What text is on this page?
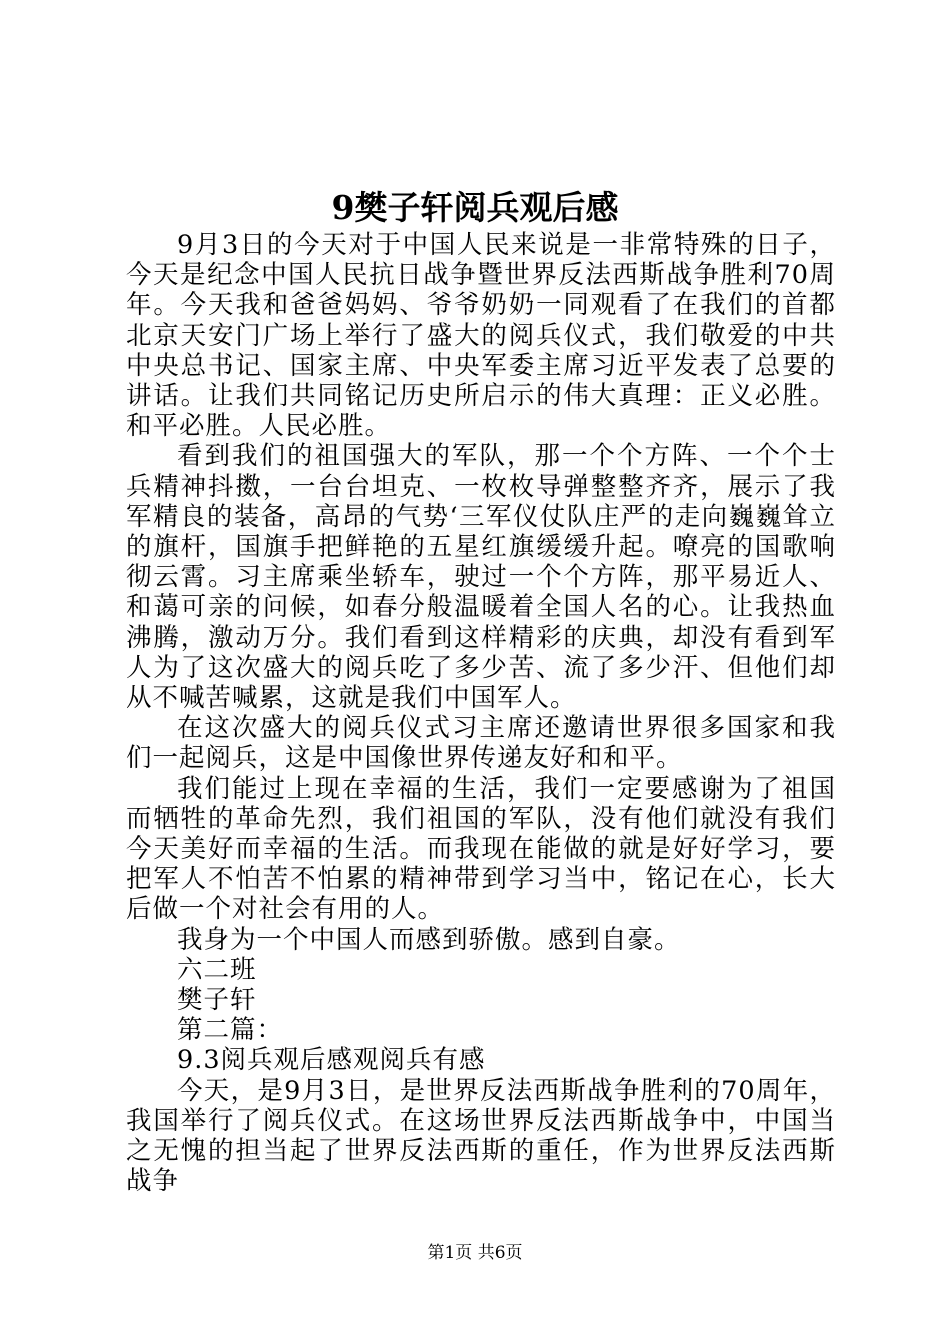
9樊子轩阅兵观后感

9月3日的今天对于中国人民来说是一非常特殊的日子，今天是纪念中国人民抗日战争暨世界反法西斯战争胜利70周年。今天我和爸爸妈妈、爷爷奶奶一同观看了在我们的首都北京天安门广场上举行了盛大的阅兵仪式，我们敬爱的中共中央总书记、国家主席、中央军委主席习近平发表了总要的讲话。让我们共同铭记历史所启示的伟大真理：正义必胜。和平必胜。人民必胜。

看到我们的祖国强大的军队，那一个个方阵、一个个士兵精神抖擞，一台台坦克、一枚枚导弹整整齐齐，展示了我军精良的装备，高昂的气势‘三军仪仗队庄严的走向巍巍耸立的旗杆，国旗手把鲜艳的五星红旗缓缓升起。嘹亮的国歌响彻云霄。习主席乘坐轿车，驶过一个个方阵，那平易近人、和蔼可亲的问候，如春分般温暖着全国人名的心。让我热血沸腾，激动万分。我们看到这样精彩的庆典，却没有看到军人为了这次盛大的阅兵吃了多少苦、流了多少汗、但他们却从不喊苦喊累，这就是我们中国军人。

在这次盛大的阅兵仪式习主席还邀请世界很多国家和我们一起阅兵，这是中国像世界传递友好和和平。

我们能过上现在幸福的生活，我们一定要感谢为了祖国而牺牲的革命先烈，我们祖国的军队，没有他们就没有我们今天美好而幸福的生活。而我现在能做的就是好好学习，要把军人不怕苦不怕累的精神带到学习当中，铭记在心，长大后做一个对社会有用的人。

我身为一个中国人而感到骄傲。感到自豪。

六二班

樊子轩

第二篇：

9.3阅兵观后感观阅兵有感

今天，是9月3日，是世界反法西斯战争胜利的70周年，我国举行了阅兵仪式。在这场世界反法西斯战争中，中国当之无愧的担当起了世界反法西斯的重任，作为世界反法西斯战争

第1页 共6页
